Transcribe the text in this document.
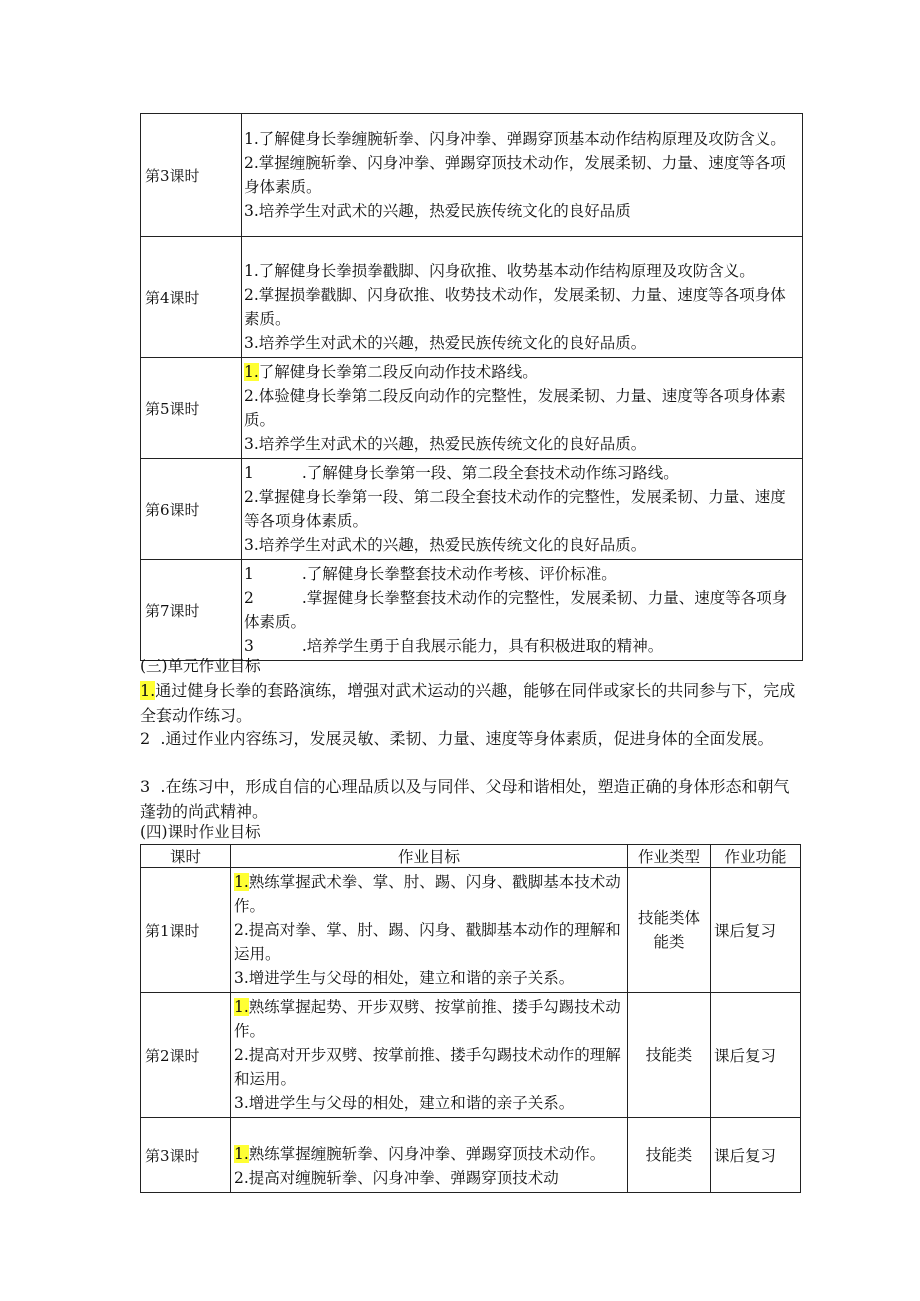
第3课时	1.了解健身长拳缠腕斩拳、闪身冲拳、弹踢穿顶基本动作结构原理及攻防含义。
2.掌握缠腕斩拳、闪身冲拳、弹踢穿顶技术动作，发展柔韧、力量、速度等各项身体素质。
3.培养学生对武术的兴趣，热爱民族传统文化的良好品质

第4课时	1.了解健身长拳损拳戳脚、闪身砍推、收势基本动作结构原理及攻防含义。
2.掌握损拳戳脚、闪身砍推、收势技术动作，发展柔韧、力量、速度等各项身体素质。
3.培养学生对武术的兴趣，热爱民族传统文化的良好品质。

第5课时	1.了解健身长拳第二段反向动作技术路线。
2.体验健身长拳第二段反向动作的完整性，发展柔韧、力量、速度等各项身体素质。
3.培养学生对武术的兴趣，热爱民族传统文化的良好品质。

第6课时	1 .了解健身长拳第一段、第二段全套技术动作练习路线。
2.掌握健身长拳第一段、第二段全套技术动作的完整性，发展柔韧、力量、速度等各项身体素质。
3.培养学生对武术的兴趣，热爱民族传统文化的良好品质。

第7课时	1 .了解健身长拳整套技术动作考核、评价标准。
2 .掌握健身长拳整套技术动作的完整性，发展柔韧、力量、速度等各项身体素质。
3 .培养学生勇于自我展示能力，具有积极进取的精神。
(三)单元作业目标
1.通过健身长拳的套路演练，增强对武术运动的兴趣，能够在同伴或家长的共同参与下，完成全套动作练习。
2  .通过作业内容练习，发展灵敏、柔韧、力量、速度等身体素质，促进身体的全面发展。
3  .在练习中，形成自信的心理品质以及与同伴、父母和谐相处，塑造正确的身体形态和朝气蓬勃的尚武精神。
(四)课时作业目标
课时	作业目标	作业类型	作业功能
第1课时	1.熟练掌握武术拳、掌、肘、踢、闪身、戳脚基本技术动作。
2.提高对拳、掌、肘、踢、闪身、戳脚基本动作的理解和运用。
3.增进学生与父母的相处，建立和谐的亲子关系。	技能类体能类	课后复习
第2课时	1.熟练掌握起势、开步双劈、按掌前推、搂手勾踢技术动作。
2.提高对开步双劈、按掌前推、搂手勾踢技术动作的理解和运用。
3.增进学生与父母的相处，建立和谐的亲子关系。	技能类	课后复习
第3课时	1.熟练掌握缠腕斩拳、闪身冲拳、弹踢穿顶技术动作。
2.提高对缠腕斩拳、闪身冲拳、弹踢穿顶技术动	技能类	课后复习
